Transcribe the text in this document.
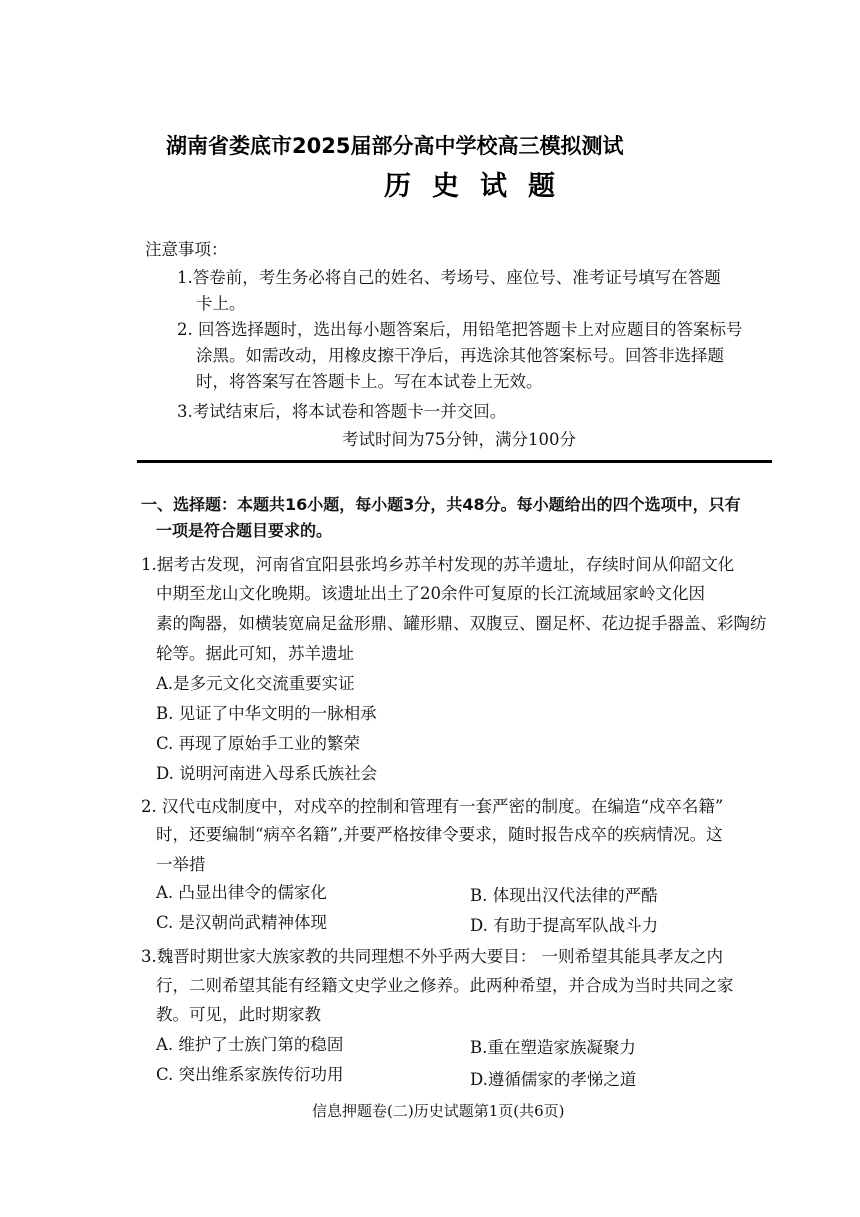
湖南省娄底市2025届部分高中学校高三模拟测试
历史试题
注意事项：
1.答卷前，考生务必将自己的姓名、考场号、座位号、准考证号填写在答题
卡上。
2. 回答选择题时，选出每小题答案后，用铅笔把答题卡上对应题目的答案标号
涂黑。如需改动，用橡皮擦干净后，再选涂其他答案标号。回答非选择题
时，将答案写在答题卡上。写在本试卷上无效。
3.考试结束后，将本试卷和答题卡一并交回。
考试时间为75分钟，满分100分
一、选择题：本题共16小题，每小题3分，共48分。每小题给出的四个选项中，只有
一项是符合题目要求的。
1.据考古发现，河南省宜阳县张坞乡苏羊村发现的苏羊遗址，存续时间从仰韶文化
中期至龙山文化晚期。该遗址出土了20余件可复原的长江流域屈家岭文化因
素的陶器，如横装宽扁足盆形鼎、罐形鼎、双腹豆、圈足杯、花边捉手器盖、彩陶纺
轮等。据此可知，苏羊遗址
A.是多元文化交流重要实证
B. 见证了中华文明的一脉相承
C. 再现了原始手工业的繁荣
D. 说明河南进入母系氏族社会
2. 汉代屯戍制度中，对戍卒的控制和管理有一套严密的制度。在编造“戍卒名籍”
时，还要编制“病卒名籍”,并要严格按律令要求，随时报告戍卒的疾病情况。这
一举措
A. 凸显出律令的儒家化	B. 体现出汉代法律的严酷
C. 是汉朝尚武精神体现	D. 有助于提高军队战斗力
3.魏晋时期世家大族家教的共同理想不外乎两大要目： 一则希望其能具孝友之内
行，二则希望其能有经籍文史学业之修养。此两种希望，并合成为当时共同之家
教。可见，此时期家教
A. 维护了士族门第的稳固	B.重在塑造家族凝聚力
C. 突出维系家族传衍功用	D.遵循儒家的孝悌之道
信息押题卷(二)历史试题第1页(共6页)
